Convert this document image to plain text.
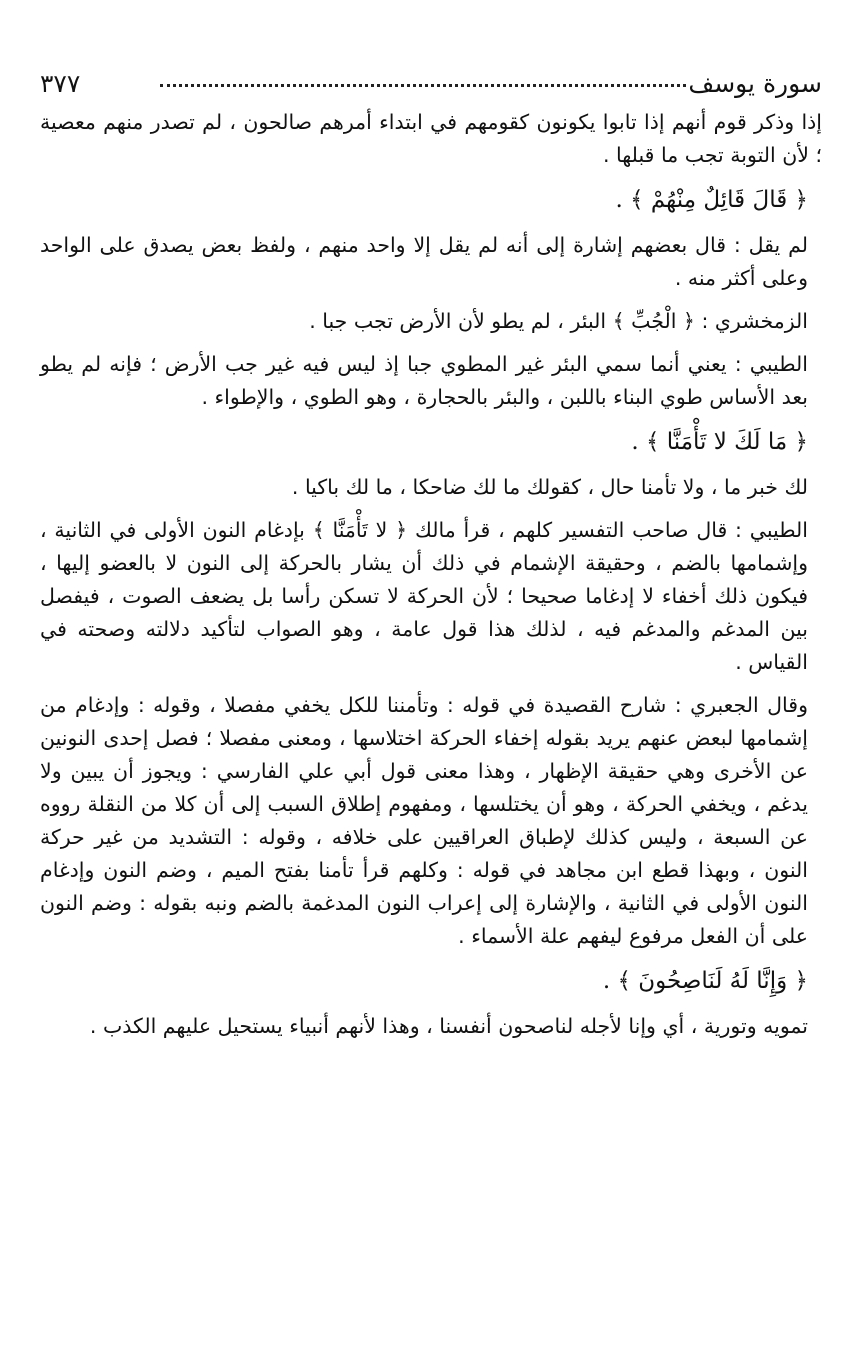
سورة يوسف
٣٧٧

إذا وذكر قوم أنهم إذا تابوا يكونون كقومهم في ابتداء أمرهم صالحون ، لم تصدر منهم معصية ؛ لأن التوبة تجب ما قبلها .

﴿ قَالَ قَائِلٌ مِنْهُمْ ﴾ .

لم يقل : قال بعضهم إشارة إلى أنه لم يقل إلا واحد منهم ، ولفظ بعض يصدق على الواحد وعلى أكثر منه .

الزمخشري : ﴿ الْجُبِّ ﴾ البئر ، لم يطو لأن الأرض تجب جبا .

الطيبي : يعني أنما سمي البئر غير المطوي جبا إذ ليس فيه غير جب الأرض ؛ فإنه لم يطو بعد الأساس طوي البناء باللبن ، والبئر بالحجارة ، وهو الطوي ، والإطواء .

﴿ مَا لَكَ لا تَأْمَنَّا ﴾ .

لك خبر ما ، ولا تأمنا حال ، كقولك ما لك ضاحكا ، ما لك باكيا .

الطيبي : قال صاحب التفسير كلهم ، قرأ مالك ﴿ لا تَأْمَنَّا ﴾ بإدغام النون الأولى في الثانية ، وإشمامها بالضم ، وحقيقة الإشمام في ذلك أن يشار بالحركة إلى النون لا بالعضو إليها ، فيكون ذلك أخفاء لا إدغاما صحيحا ؛ لأن الحركة لا تسكن رأسا بل يضعف الصوت ، فيفصل بين المدغم والمدغم فيه ، لذلك هذا قول عامة ، وهو الصواب لتأكيد دلالته وصحته في القياس .

وقال الجعبري : شارح القصيدة في قوله : وتأمننا للكل يخفي مفصلا ، وقوله : وإدغام من إشمامها لبعض عنهم يريد بقوله إخفاء الحركة اختلاسها ، ومعنى مفصلا ؛ فصل إحدى النونين عن الأخرى وهي حقيقة الإظهار ، وهذا معنى قول أبي علي الفارسي : ويجوز أن يبين ولا يدغم ، ويخفي الحركة ، وهو أن يختلسها ، ومفهوم إطلاق السبب إلى أن كلا من النقلة رووه عن السبعة ، وليس كذلك لإطباق العراقيين على خلافه ، وقوله : التشديد من غير حركة النون ، وبهذا قطع ابن مجاهد في قوله : وكلهم قرأ تأمنا بفتح الميم ، وضم النون وإدغام النون الأولى في الثانية ، والإشارة إلى إعراب النون المدغمة بالضم ونبه بقوله : وضم النون على أن الفعل مرفوع ليفهم علة الأسماء .

﴿ وَإِنَّا لَهُ لَنَاصِحُونَ ﴾ .

تمويه وتورية ، أي وإنا لأجله لناصحون أنفسنا ، وهذا لأنهم أنبياء يستحيل عليهم الكذب .
